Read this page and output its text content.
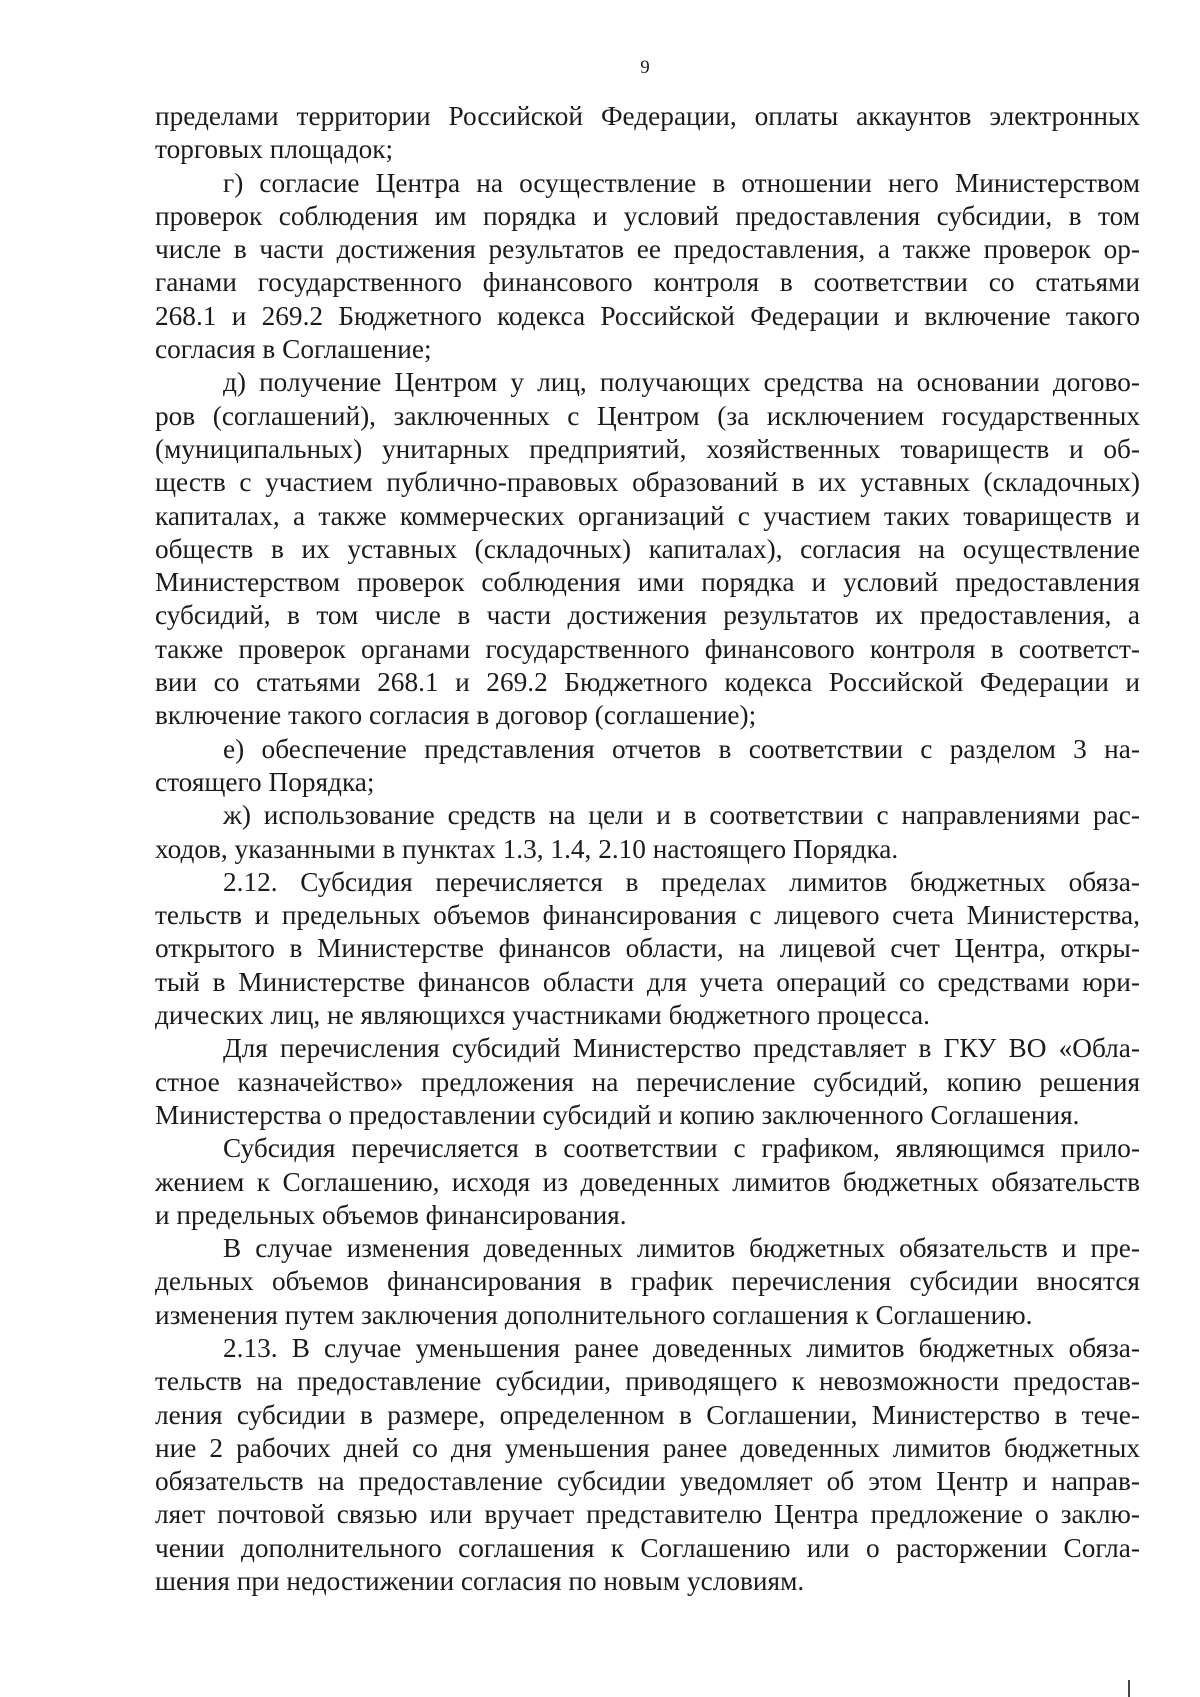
9
пределами территории Российской Федерации, оплаты аккаунтов электронных
торговых площадок;
г) согласие Центра на осуществление в отношении него Министерством
проверок соблюдения им порядка и условий предоставления субсидии, в том
числе в части достижения результатов ее предоставления, а также проверок ор-
ганами государственного финансового контроля в соответствии со статьями
268.1 и 269.2 Бюджетного кодекса Российской Федерации и включение такого
согласия в Соглашение;
д) получение Центром у лиц, получающих средства на основании догово-
ров (соглашений), заключенных с Центром (за исключением государственных
(муниципальных) унитарных предприятий, хозяйственных товариществ и об-
ществ с участием публично-правовых образований в их уставных (складочных)
капиталах, а также коммерческих организаций с участием таких товариществ и
обществ в их уставных (складочных) капиталах), согласия на осуществление
Министерством проверок соблюдения ими порядка и условий предоставления
субсидий, в том числе в части достижения результатов их предоставления, а
также проверок органами государственного финансового контроля в соответст-
вии со статьями 268.1 и 269.2 Бюджетного кодекса Российской Федерации и
включение такого согласия в договор (соглашение);
е) обеспечение представления отчетов в соответствии с разделом 3 на-
стоящего Порядка;
ж) использование средств на цели и в соответствии с направлениями рас-
ходов, указанными в пунктах 1.3, 1.4, 2.10 настоящего Порядка.
2.12. Субсидия перечисляется в пределах лимитов бюджетных обяза-
тельств и предельных объемов финансирования с лицевого счета Министерства,
открытого в Министерстве финансов области, на лицевой счет Центра, откры-
тый в Министерстве финансов области для учета операций со средствами юри-
дических лиц, не являющихся участниками бюджетного процесса.
Для перечисления субсидий Министерство представляет в ГКУ ВО «Обла-
стное казначейство» предложения на перечисление субсидий, копию решения
Министерства о предоставлении субсидий и копию заключенного Соглашения.
Субсидия перечисляется в соответствии с графиком, являющимся прило-
жением к Соглашению, исходя из доведенных лимитов бюджетных обязательств
и предельных объемов финансирования.
В случае изменения доведенных лимитов бюджетных обязательств и пре-
дельных объемов финансирования в график перечисления субсидии вносятся
изменения путем заключения дополнительного соглашения к Соглашению.
2.13. В случае уменьшения ранее доведенных лимитов бюджетных обяза-
тельств на предоставление субсидии, приводящего к невозможности предостав-
ления субсидии в размере, определенном в Соглашении, Министерство в тече-
ние 2 рабочих дней со дня уменьшения ранее доведенных лимитов бюджетных
обязательств на предоставление субсидии уведомляет об этом Центр и направ-
ляет почтовой связью или вручает представителю Центра предложение о заклю-
чении дополнительного соглашения к Соглашению или о расторжении Согла-
шения при недостижении согласия по новым условиям.
